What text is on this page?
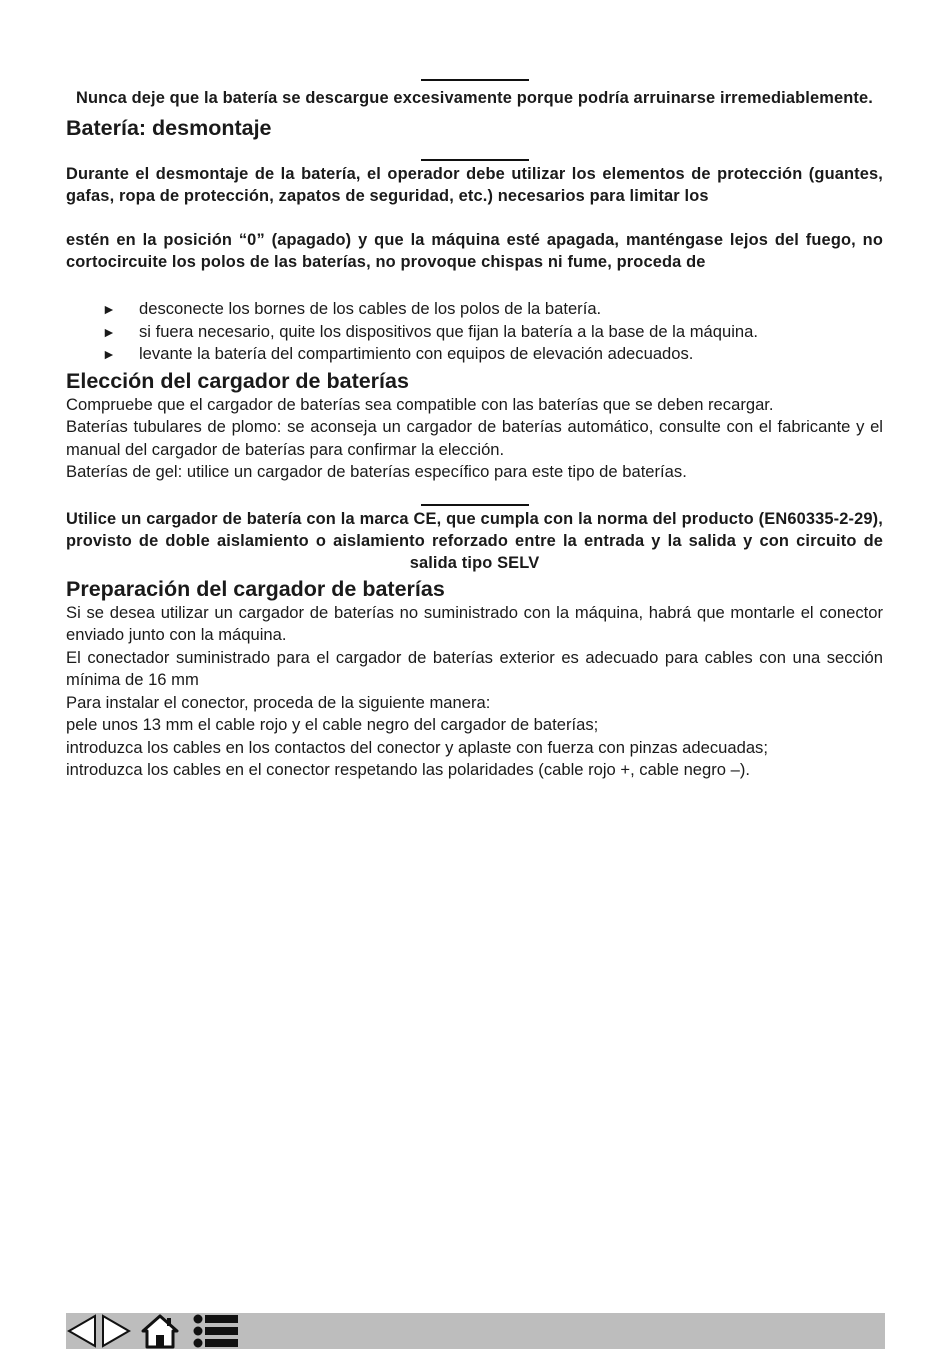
Nunca deje que la batería se descargue excesivamente porque podría arruinarse irremediablemente.
Batería: desmontaje
Durante el desmontaje de la batería, el operador debe utilizar los elementos de protección (guantes, gafas, ropa de protección, zapatos de seguridad, etc.) necesarios para limitar los
estén en la posición “0” (apagado) y que la máquina esté apagada, manténgase lejos del fuego, no cortocircuite los polos de las baterías, no provoque chispas ni fume, proceda de
► desconecte los bornes de los cables de los polos de la batería.
► si fuera necesario, quite los dispositivos que fijan la batería a la base de la máquina.
► levante la batería del compartimiento con equipos de elevación adecuados.
Elección del cargador de baterías

Compruebe que el cargador de baterías sea compatible con las baterías que se deben recargar.

Baterías tubulares de plomo: se aconseja un cargador de baterías automático, consulte con el fabricante y el manual del cargador de baterías para confirmar la elección.

Baterías de gel: utilice un cargador de baterías específico para este tipo de baterías.

Utilice un cargador de batería con la marca CE, que cumpla con la norma del producto (EN60335-2-29), provisto de doble aislamiento o aislamiento reforzado entre la entrada y la salida y con circuito de salida tipo SELV
Preparación del cargador de baterías

Si se desea utilizar un cargador de baterías no suministrado con la máquina, habrá que montarle el conector enviado junto con la máquina.

El conectador suministrado para el cargador de baterías exterior es adecuado para cables con una sección mínima de 16 mm

Para instalar el conector, proceda de la siguiente manera:

pele unos 13 mm el cable rojo y el cable negro del cargador de baterías;

introduzca los cables en los contactos del conector y aplaste con fuerza con pinzas adecuadas;

introduzca los cables en el conector respetando las polaridades (cable rojo +, cable negro –).
